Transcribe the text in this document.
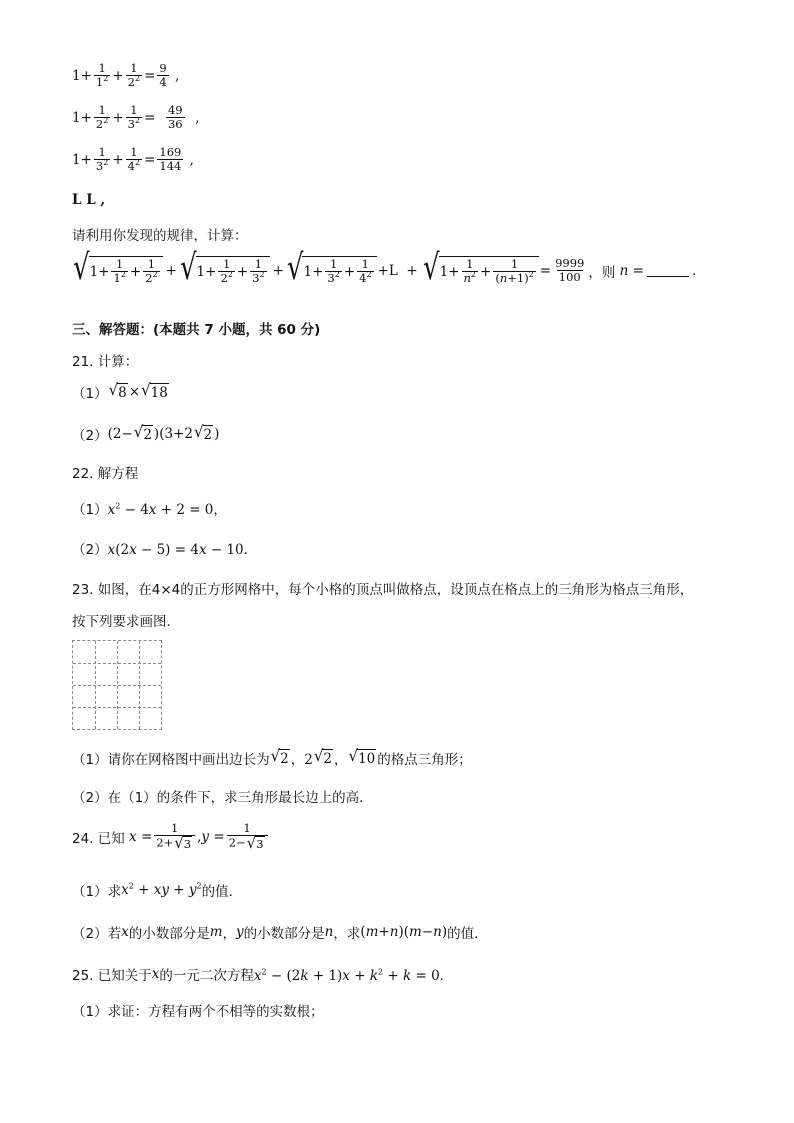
$1+ \frac{1}{1^2} + \frac{1}{2^2} = \frac{9}{4}$ ,
$1+ \frac{1}{2^2} + \frac{1}{3^2} = \frac{49}{36}$ ,
$1+ \frac{1}{3^2} + \frac{1}{4^2} = \frac{169}{144}$ ,
L L ,
请利用你发现的规律，计算：
√ $1+ \frac{1}{1^2} + \frac{1}{2^2}$ + √ $1+ \frac{1}{2^2} + \frac{1}{3^2}$ + √ $1+ \frac{1}{3^2} + \frac{1}{4^2} +L$  + √ $1+ \frac{1}{n^2} + \frac{1}{(n+1)^2} = \frac{9999}{100}$ ，则 n =	.
三、解答题：(本题共 7 小题，共 60 分)
21. 计算：
（1） √ 8 × √ 18
（2） (2− √ 2 )(3+2 √ 2 )
22. 解方程
（1） $x^2 - 4x + 2 = 0$，
（2） x(2x − 5) = 4x − 10．
23. 如图，在4×4的正方形网格中，每个小格的顶点叫做格点，设顶点在格点上的三角形为格点三角形，
按下列要求画图．
（1）请你在网格图中画出边长为 √ 2 ，2 √ 2 ， √ 10 的格点三角形；
（2）在（1）的条件下，求三角形最长边上的高．
24. 已知 $x = \frac{1}{2+ √ 3}$ , $y = \frac{1}{2- √ 3}$
（1）求 $x^2$ + xy + $y^2$ 的值．
（2）若 x 的小数部分是 m ， y 的小数部分是 n ，求 (m+n)(m−n) 的值．
25. 已知关于 x 的一元二次方程 $x^2 - (2k + 1)x + k^2 + k = 0$．
（1）求证：方程有两个不相等的实数根；
